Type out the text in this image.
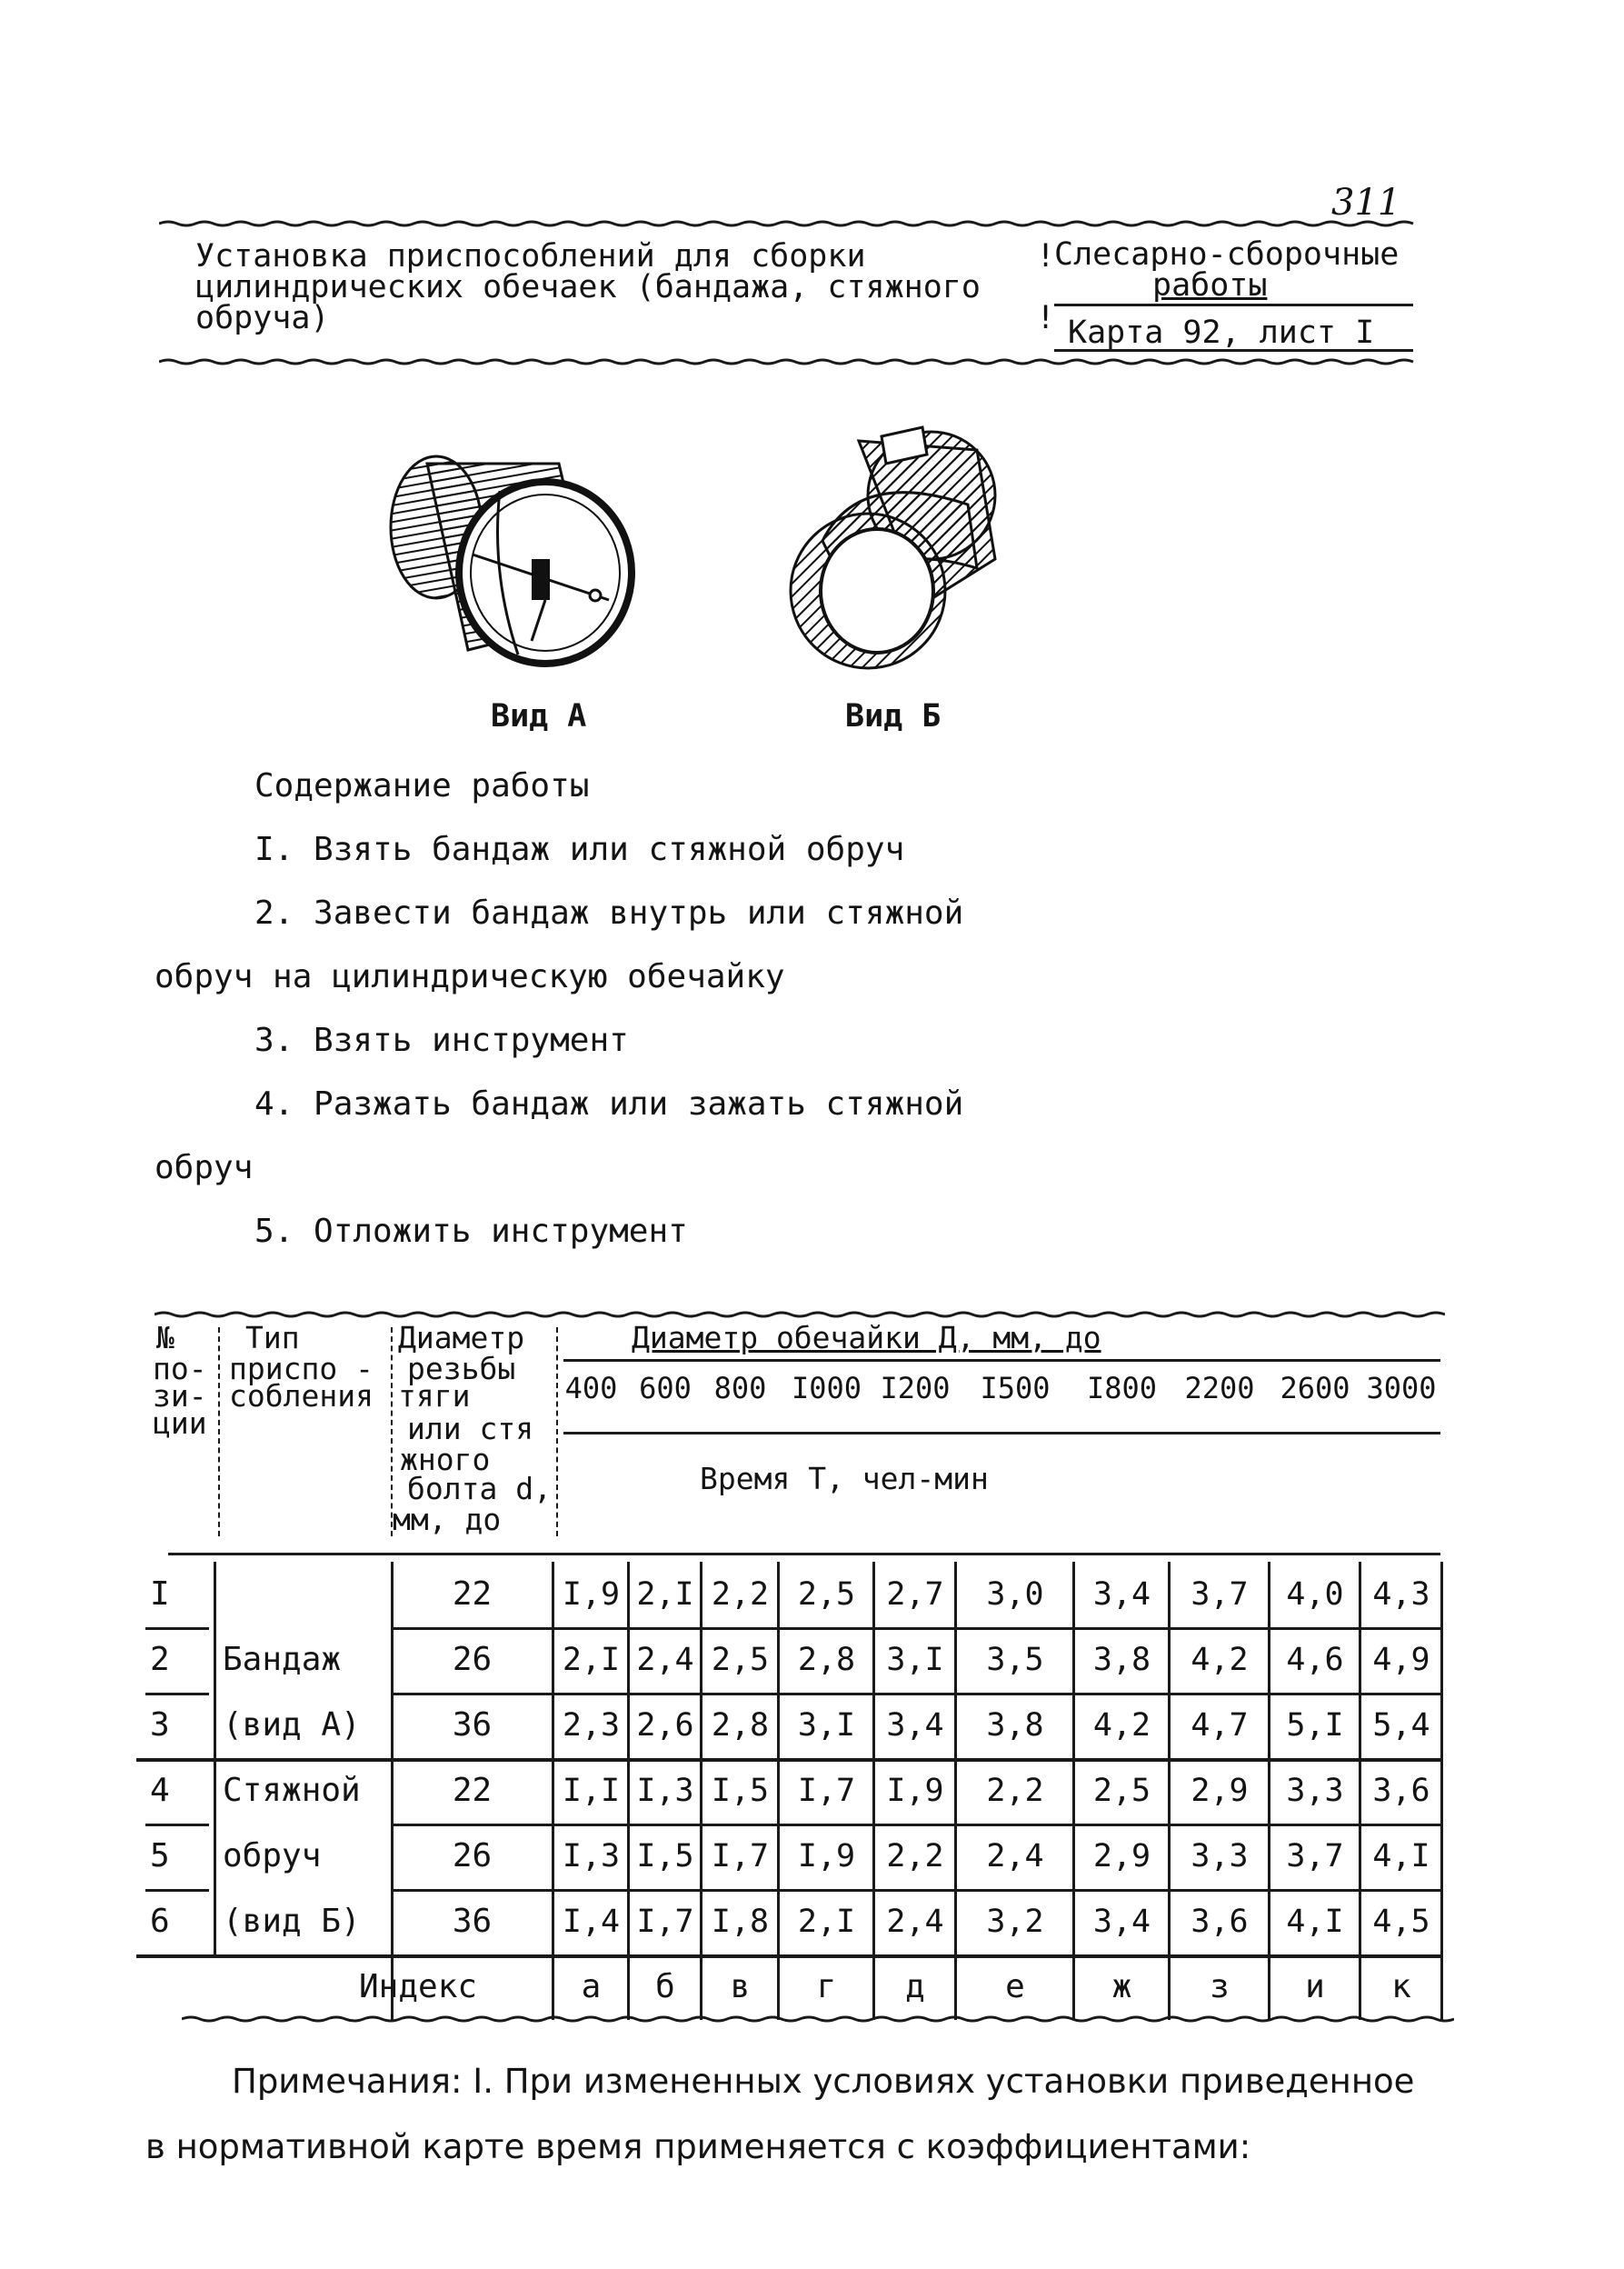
311
Установка приспособлений для сборки
цилиндрических обечаек (бандажа, стяжного
обруча)
!
!
Слесарно-сборочные
работы
Карта 92, лист I
Вид А	Вид Б
Содержание работы
I. Взять бандаж или стяжной обруч
2. Завести бандаж внутрь или стяжной
обруч на цилиндрическую обечайку
3. Взять инструмент
4. Разжать бандаж или зажать стяжной
обруч
5. Отложить инструмент
№
по-
зи-
ции
Тип
приспо -
собления
Диаметр
резьбы
тяги
или стя
жного
болта d,
мм, до
Диаметр обечайки Д, мм, до
400 600 800 I000 I200	I500	I800 2200 2600 3000
Время Т, чел-мин
I	22	I,9 2,I 2,2 2,5 2,7	3,0	3,4	3,7	4,0 4,3
2	Бандаж	26	2,I 2,4 2,5 2,8 3,I	3,5	3,8	4,2	4,6 4,9
3	(вид А)	36	2,3 2,6 2,8 3,I 3,4	3,8	4,2	4,7	5,I 5,4
4	Стяжной	22	I,I I,3 I,5 I,7 I,9	2,2	2,5	2,9	3,3 3,6
5	обруч	26	I,3 I,5 I,7 I,9 2,2	2,4	2,9	3,3	3,7 4,I
6	(вид Б)	36	I,4 I,7 I,8 2,I 2,4	3,2	3,4	3,6	4,I 4,5
Индекс	а	б	в	г	д	е	ж	з	и	к
Примечания: I. При измененных условиях установки приведенное
в нормативной карте время применяется с коэффициентами:
